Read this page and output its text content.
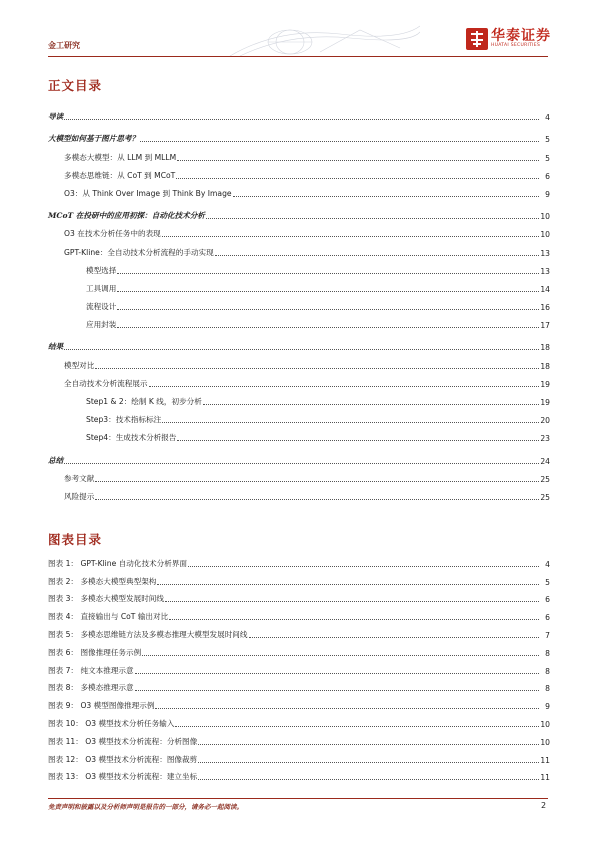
金工研究
华泰证券
HUATAI SECURITIES
正文目录
导读	4
大模型如何基于图片思考？	5
多模态大模型：从 LLM 到 MLLM	5
多模态思维链：从 CoT 到 MCoT	6
O3：从 Think Over Image 到 Think By Image	9
MCoT 在投研中的应用初探：自动化技术分析	10
O3 在技术分析任务中的表现	10
GPT-Kline：全自动技术分析流程的手动实现	13
模型选择	13
工具调用	14
流程设计	16
应用封装	17
结果	18
模型对比	18
全自动技术分析流程展示	19
Step1 & 2：绘制 K 线，初步分析	19
Step3：技术指标标注	20
Step4：生成技术分析报告	23
总结	24
参考文献	25
风险提示	25
图表目录
图表 1： GPT-Kline 自动化技术分析界面	4
图表 2： 多模态大模型典型架构	5
图表 3： 多模态大模型发展时间线	6
图表 4： 直接输出与 CoT 输出对比	6
图表 5： 多模态思维链方法及多模态推理大模型发展时间线	7
图表 6： 图像推理任务示例	8
图表 7： 纯文本推理示意	8
图表 8： 多模态推理示意	8
图表 9： O3 模型图像推理示例	9
图表 10： O3 模型技术分析任务输入	10
图表 11： O3 模型技术分析流程：分析图像	10
图表 12： O3 模型技术分析流程：图像裁剪	11
图表 13： O3 模型技术分析流程：建立坐标	11
免责声明和披露以及分析师声明是报告的一部分，请务必一起阅读。	2
